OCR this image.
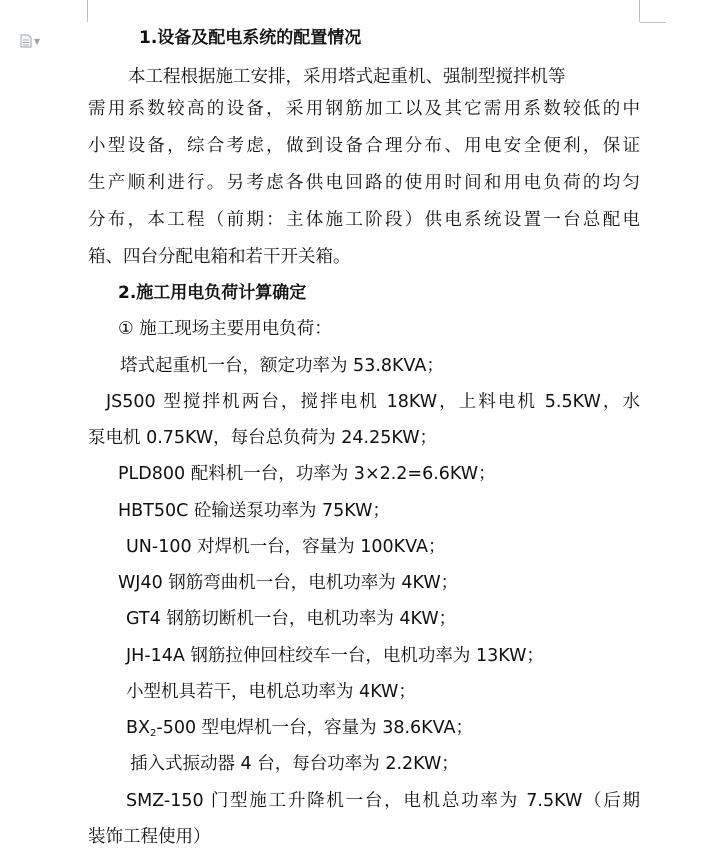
▼	1.设备及配电系统的配置情况
本工程根据施工安排，采用塔式起重机、强制型搅拌机等
需用系数较高的设备，采用钢筋加工以及其它需用系数较低的中
小型设备，综合考虑，做到设备合理分布、用电安全便利，保证
生产顺利进行。另考虑各供电回路的使用时间和用电负荷的均匀
分布，本工程（前期：主体施工阶段）供电系统设置一台总配电
箱、四台分配电箱和若干开关箱。
2.施工用电负荷计算确定
① 施工现场主要用电负荷：
塔式起重机一台，额定功率为 53.8KVA；
JS500 型搅拌机两台，搅拌电机 18KW，上料电机 5.5KW，水
泵电机 0.75KW，每台总负荷为 24.25KW；
PLD800 配料机一台，功率为 3×2.2=6.6KW；
HBT50C 砼输送泵功率为 75KW；
UN-100 对焊机一台，容量为 100KVA；
WJ40 钢筋弯曲机一台，电机功率为 4KW；
GT4 钢筋切断机一台，电机功率为 4KW；
JH-14A 钢筋拉伸回柱绞车一台，电机功率为 13KW；
小型机具若干，电机总功率为 4KW；
$BX_2-500$ 型电焊机一台，容量为 38.6KVA；
插入式振动器 4 台，每台功率为 2.2KW；
SMZ-150 门型施工升降机一台，电机总功率为 7.5KW（后期
装饰工程使用）
